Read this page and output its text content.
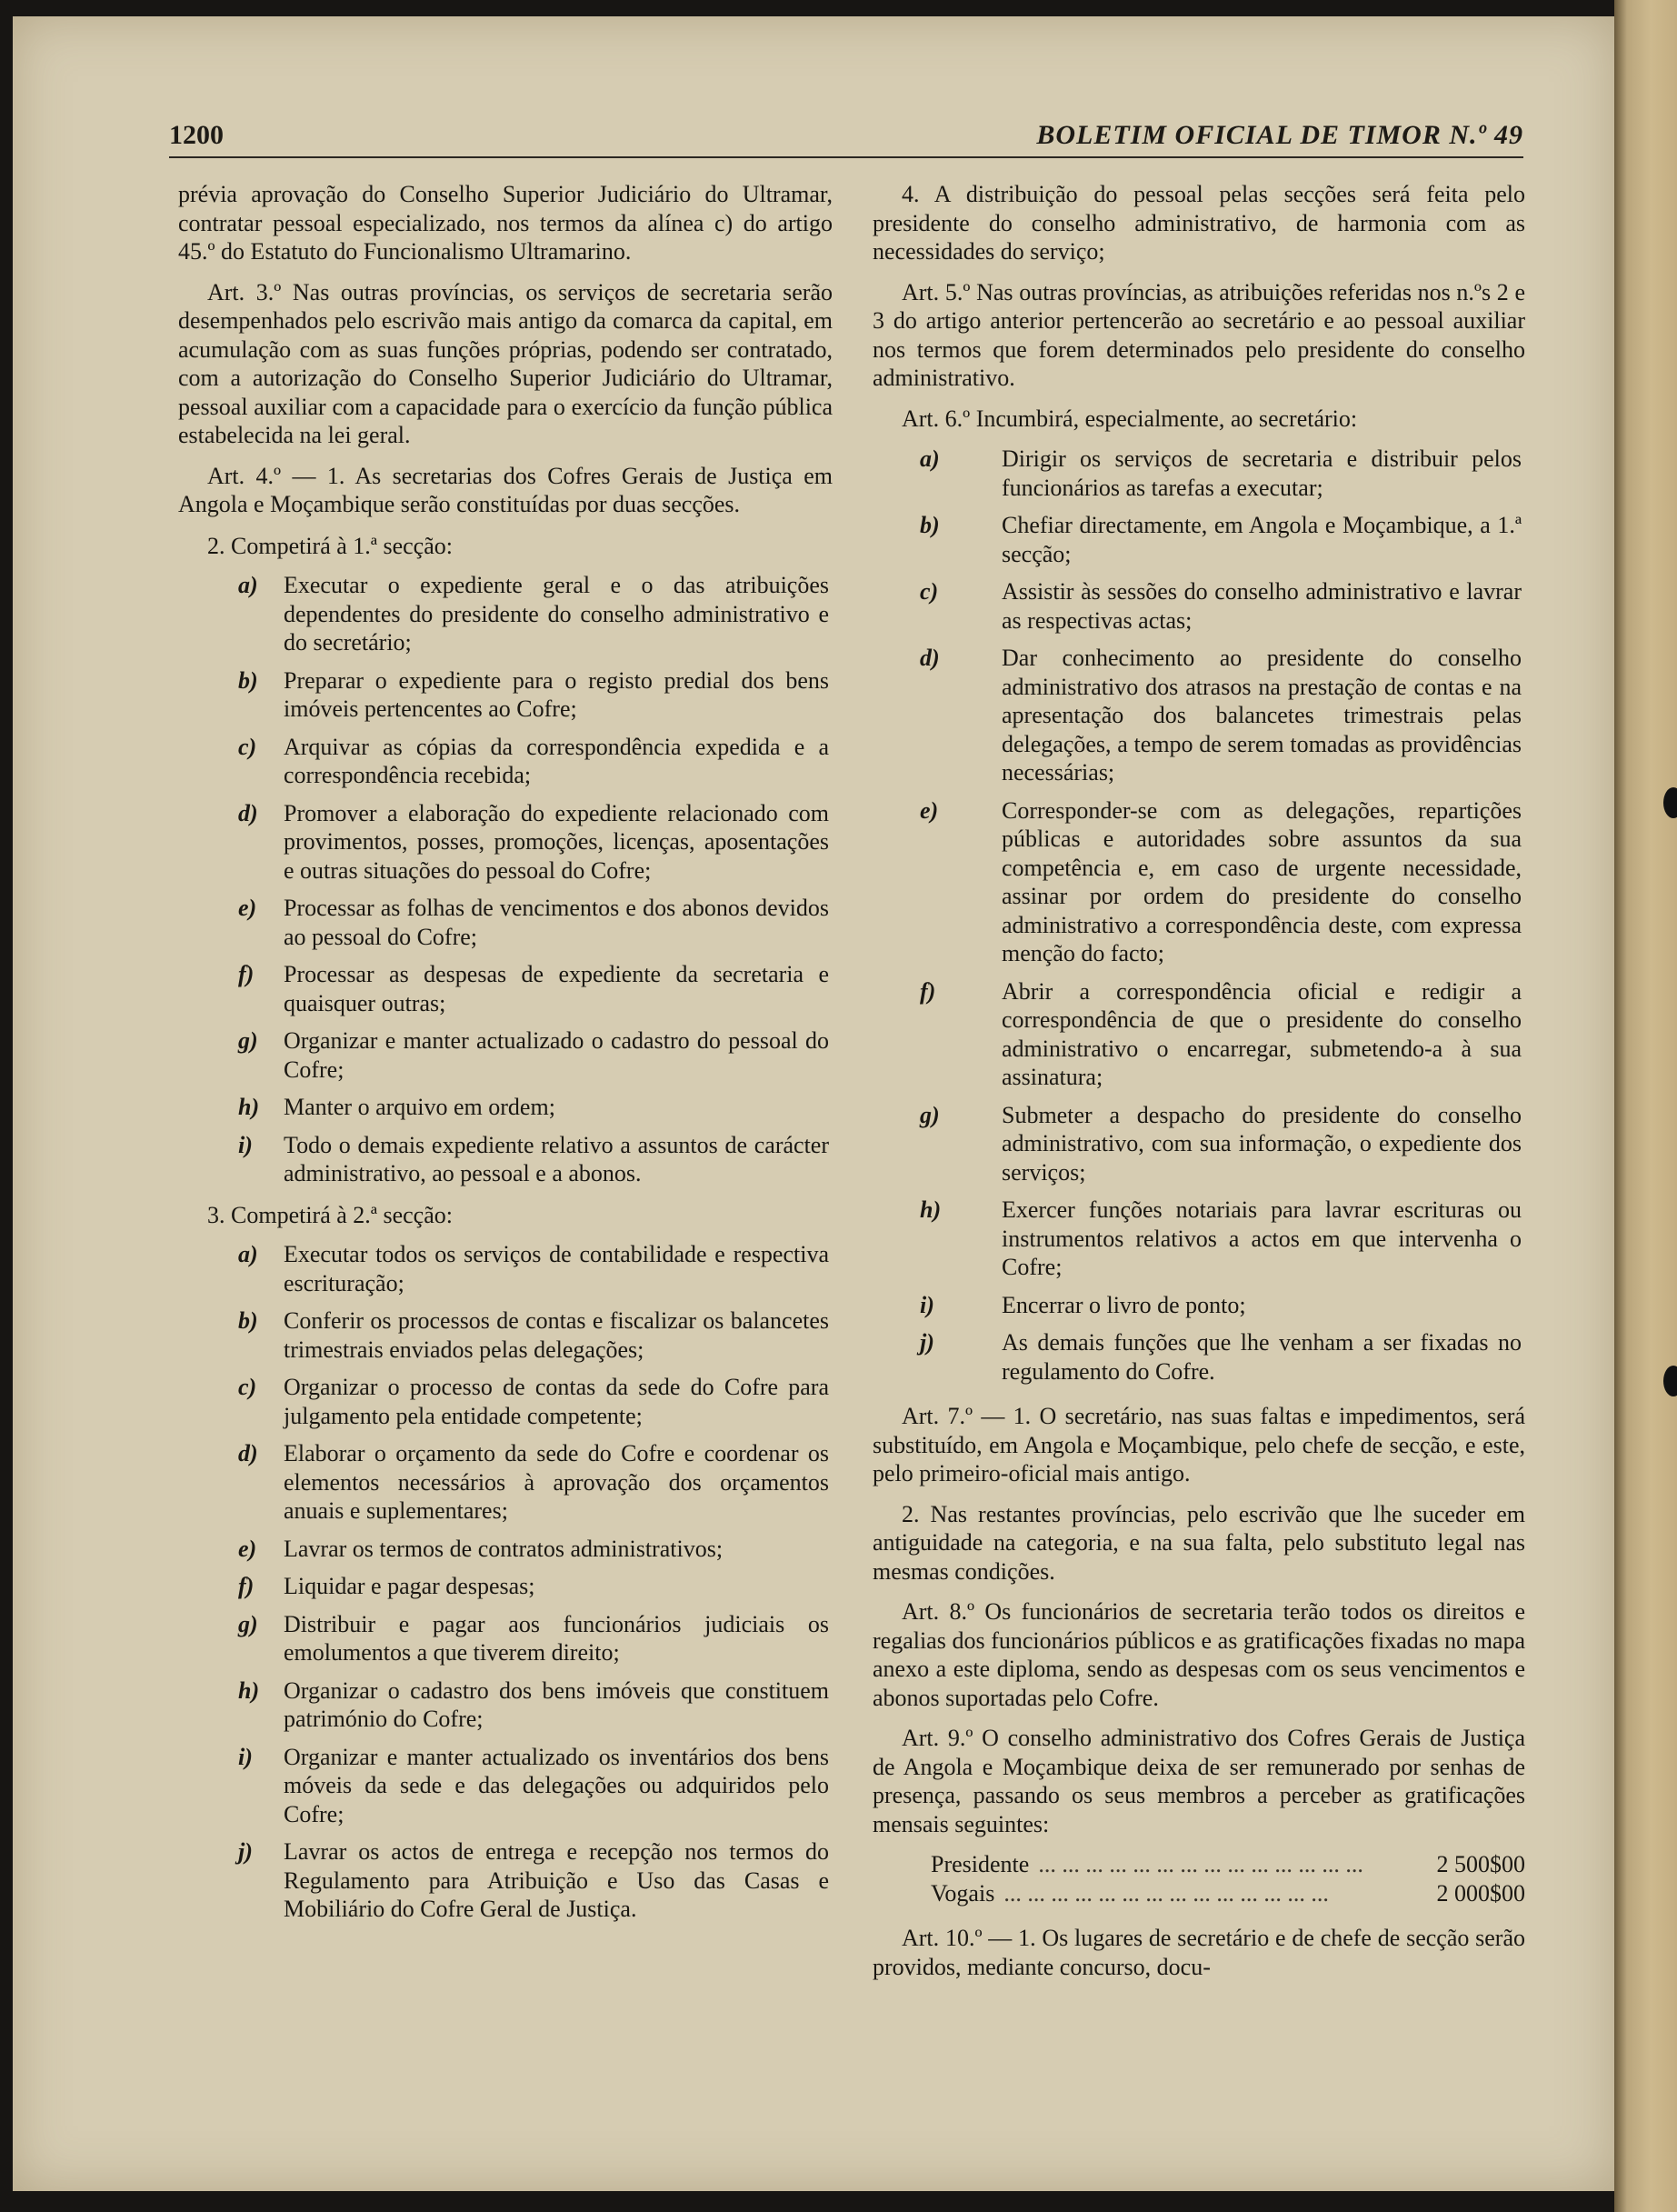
1200	BOLETIM OFICIAL DE TIMOR N.º 49

prévia aprovação do Conselho Superior Judiciário do Ultramar, contratar pessoal especializado, nos termos da alínea c) do artigo 45.º do Estatuto do Funcionalismo Ultramarino.

Art. 3.º Nas outras províncias, os serviços de secretaria serão desempenhados pelo escrivão mais antigo da comarca da capital, em acumulação com as suas funções próprias, podendo ser contratado, com a autorização do Conselho Superior Judiciário do Ultramar, pessoal auxiliar com a capacidade para o exercício da função pública estabelecida na lei geral.

Art. 4.º — 1. As secretarias dos Cofres Gerais de Justiça em Angola e Moçambique serão constituídas por duas secções.

2. Competirá à 1.ª secção:
a) Executar o expediente geral e o das atribuições dependentes do presidente do conselho administrativo e do secretário;
b) Preparar o expediente para o registo predial dos bens imóveis pertencentes ao Cofre;
c) Arquivar as cópias da correspondência expedida e a correspondência recebida;
d) Promover a elaboração do expediente relacionado com provimentos, posses, promoções, licenças, aposentações e outras situações do pessoal do Cofre;
e) Processar as folhas de vencimentos e dos abonos devidos ao pessoal do Cofre;
f) Processar as despesas de expediente da secretaria e quaisquer outras;
g) Organizar e manter actualizado o cadastro do pessoal do Cofre;
h) Manter o arquivo em ordem;
i) Todo o demais expediente relativo a assuntos de carácter administrativo, ao pessoal e a abonos.
3. Competirá à 2.ª secção:
a) Executar todos os serviços de contabilidade e respectiva escrituração;
b) Conferir os processos de contas e fiscalizar os balancetes trimestrais enviados pelas delegações;
c) Organizar o processo de contas da sede do Cofre para julgamento pela entidade competente;
d) Elaborar o orçamento da sede do Cofre e coordenar os elementos necessários à aprovação dos orçamentos anuais e suplementares;
e) Lavrar os termos de contratos administrativos;
f) Liquidar e pagar despesas;
g) Distribuir e pagar aos funcionários judiciais os emolumentos a que tiverem direito;
h) Organizar o cadastro dos bens imóveis que constituem património do Cofre;
i) Organizar e manter actualizado os inventários dos bens móveis da sede e das delegações ou adquiridos pelo Cofre;
j) Lavrar os actos de entrega e recepção nos termos do Regulamento para Atribuição e Uso das Casas e Mobiliário do Cofre Geral de Justiça.

4. A distribuição do pessoal pelas secções será feita pelo presidente do conselho administrativo, de harmonia com as necessidades do serviço;

Art. 5.º Nas outras províncias, as atribuições referidas nos n.ºs 2 e 3 do artigo anterior pertencerão ao secretário e ao pessoal auxiliar nos termos que forem determinados pelo presidente do conselho administrativo.

Art. 6.º Incumbirá, especialmente, ao secretário:

a)	Dirigir os serviços de secretaria e distribuir pelos funcionários as tarefas a executar;
b)	Chefiar directamente, em Angola e Moçambique, a 1.ª secção;
c)	Assistir às sessões do conselho administrativo e lavrar as respectivas actas;
d)	Dar conhecimento ao presidente do conselho administrativo dos atrasos na prestação de contas e na apresentação dos balancetes trimestrais pelas delegações, a tempo de serem tomadas as providências necessárias;
e)	Corresponder-se com as delegações, repartições públicas e autoridades sobre assuntos da sua competência e, em caso de urgente necessidade, assinar por ordem do presidente do conselho administrativo a correspondência deste, com expressa menção do facto;
f)	Abrir a correspondência oficial e redigir a correspondência de que o presidente do conselho administrativo o encarregar, submetendo-a à sua assinatura;
g)	Submeter a despacho do presidente do conselho administrativo, com sua informação, o expediente dos serviços;
h)	Exercer funções notariais para lavrar escrituras ou instrumentos relativos a actos em que intervenha o Cofre;
i)	Encerrar o livro de ponto;
j)	As demais funções que lhe venham a ser fixadas no regulamento do Cofre.

Art. 7.º — 1. O secretário, nas suas faltas e impedimentos, será substituído, em Angola e Moçambique, pelo chefe de secção, e este, pelo primeiro-oficial mais antigo.

2. Nas restantes províncias, pelo escrivão que lhe suceder em antiguidade na categoria, e na sua falta, pelo substituto legal nas mesmas condições.

Art. 8.º Os funcionários de secretaria terão todos os direitos e regalias dos funcionários públicos e as gratificações fixadas no mapa anexo a este diploma, sendo as despesas com os seus vencimentos e abonos suportadas pelo Cofre.

Art. 9.º O conselho administrativo dos Cofres Gerais de Justiça de Angola e Moçambique deixa de ser remunerado por senhas de presença, passando os seus membros a perceber as gratificações mensais seguintes:

Presidente ... .	2 500$00
Vogais ... .	2 000$00

Art. 10.º — 1. Os lugares de secretário e de chefe de secção serão providos, mediante concurso, docu-
